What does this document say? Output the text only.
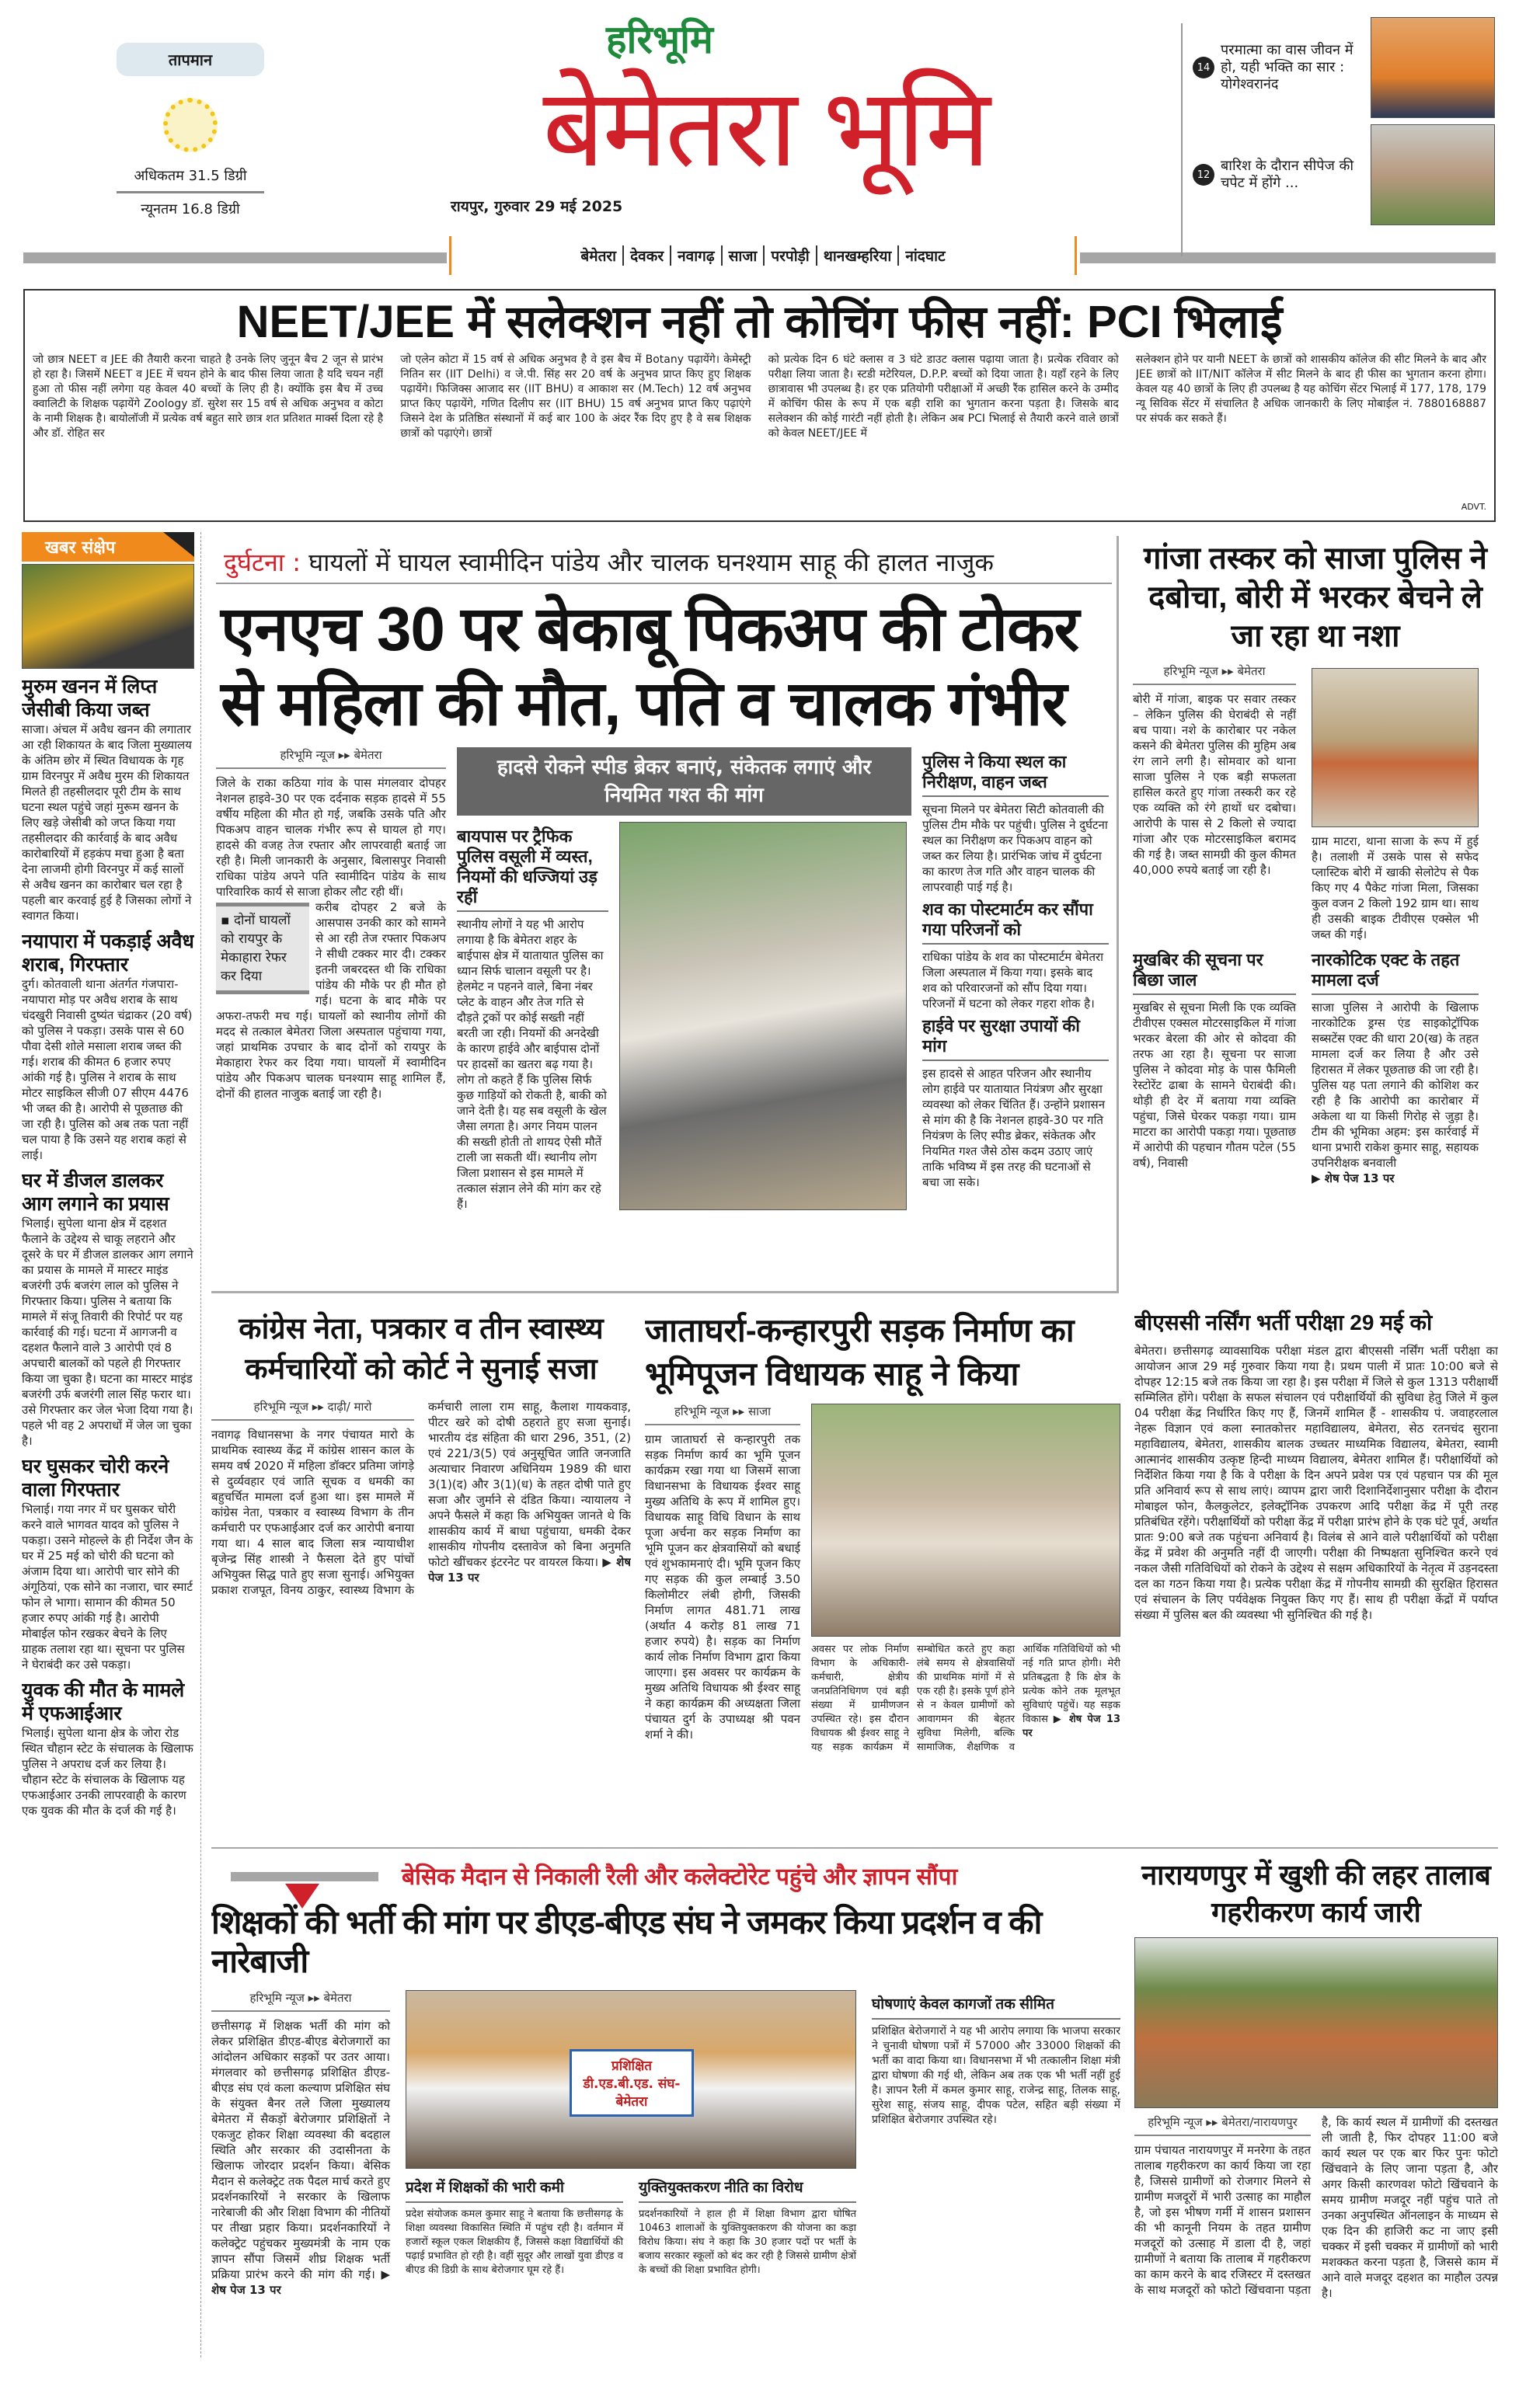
तापमान
अधिकतम 31.5 डिग्री
न्यूनतम 16.8 डिग्री
हरिभूमि
बेमेतरा भूमि
रायपुर, गुरुवार 29 मई 2025
बेमेतरा देवकर नवागढ़ साजा परपोड़ी थानखम्हरिया नांदघाट
14
परमात्मा का वास जीवन में हो, यही भक्ति का सार : योगेश्वरानंद
12
बारिश के दौरान सीपेज की चपेट में होंगे ...
NEET/JEE में सलेक्शन नहीं तो कोचिंग फीस नहीं: PCI भिलाई
जो छात्र NEET व JEE की तैयारी करना चाहते है उनके लिए जुनून बैच 2 जून से प्रारंभ हो रहा है। जिसमें NEET व JEE में चयन होने के बाद फीस लिया जाता है यदि चयन नहीं हुआ तो फीस नहीं लगेगा यह केवल 40 बच्चों के लिए ही है। क्योंकि इस बैच में उच्च क्वालिटी के शिक्षक पढ़ायेंगे Zoology डॉ. सुरेश सर 15 वर्ष से अधिक अनुभव व कोटा के नामी शिक्षक है। बायोलॉजी में प्रत्येक वर्ष बहुत सारे छात्र शत प्रतिशत मार्क्स दिला रहे है और डॉ. रोहित सर
जो एलेन कोटा में 15 वर्ष से अधिक अनुभव है वे इस बैच में Botany पढ़ायेंगे। केमेस्ट्री नितिन सर (IIT Delhi) व जे.पी. सिंह सर 20 वर्ष के अनुभव प्राप्त किए हुए शिक्षक पढ़ायेंगे। फिजिक्स आजाद सर (IIT BHU) व आकाश सर (M.Tech) 12 वर्ष अनुभव प्राप्त किए पढ़ायेंगे, गणित दिलीप सर (IIT BHU) 15 वर्ष अनुभव प्राप्त किए पढ़ाएंगे जिसने देश के प्रतिष्ठित संस्थानों में कई बार 100 के अंदर रैंक दिए हुए है वे सब शिक्षक छात्रों को पढ़ाएंगे। छात्रों
को प्रत्येक दिन 6 घंटे क्लास व 3 घंटे डाउट क्लास पढ़ाया जाता है। प्रत्येक रविवार को परीक्षा लिया जाता है। स्टडी मटेरियल, D.P.P. बच्चों को दिया जाता है। यहाँ रहने के लिए छात्रावास भी उपलब्ध है। हर एक प्रतियोगी परीक्षाओं में अच्छी रैंक हासिल करने के उम्मीद में कोचिंग फीस के रूप में एक बड़ी राशि का भुगतान करना पड़ता है। जिसके बाद सलेक्शन की कोई गारंटी नहीं होती है। लेकिन अब PCI भिलाई से तैयारी करने वाले छात्रों को केवल NEET/JEE में
सलेक्शन होने पर यानी NEET के छात्रों को शासकीय कॉलेज की सीट मिलने के बाद और JEE छात्रों को IIT/NIT कॉलेज में सीट मिलने के बाद ही फीस का भुगतान करना होगा। केवल यह 40 छात्रों के लिए ही उपलब्ध है यह कोचिंग सेंटर भिलाई में 177, 178, 179 न्यू सिविक सेंटर में संचालित है अधिक जानकारी के लिए मोबाईल नं. 7880168887 पर संपर्क कर सकते हैं।
ADVT.
खबर संक्षेप
मुरुम खनन में लिप्त जेसीबी किया जब्त
साजा। अंचल में अवैध खनन की लगातार आ रही शिकायत के बाद जिला मुख्यालय के अंतिम छोर में स्थित विधायक के गृह ग्राम विरनपुर में अवैध मुरम की शिकायत मिलते ही तहसीलदार पूरी टीम के साथ घटना स्थल पहुंचे जहां मुरूम खनन के लिए खड़े जेसीबी को जप्त किया गया तहसीलदार की कार्रवाई के बाद अवैध कारोबारियों में हड़कंप मचा हुआ है बता देना लाजमी होगी विरनपुर में कई सालों से अवैध खनन का कारोबार चल रहा है पहली बार करवाई हुई है जिसका लोगों ने स्वागत किया।
नयापारा में पकड़ाई अवैध शराब, गिरफ्तार
दुर्ग। कोतवाली थाना अंतर्गत गंजपारा-नयापारा मोड़ पर अवैध शराब के साथ चंदखुरी निवासी दुष्यंत चंद्राकर (20 वर्ष) को पुलिस ने पकड़ा। उसके पास से 60 पौवा देसी शोले मसाला शराब जब्त की गई। शराब की कीमत 6 हजार रुपए आंकी गई है। पुलिस ने शराब के साथ मोटर साइकिल सीजी 07 सीएम 4476 भी जब्त की है। आरोपी से पूछताछ की जा रही है। पुलिस को अब तक पता नहीं चल पाया है कि उसने यह शराब कहां से लाई।
घर में डीजल डालकर आग लगाने का प्रयास
भिलाई। सुपेला थाना क्षेत्र में दहशत फैलाने के उद्देश्य से चाकू लहराने और दूसरे के घर में डीजल डालकर आग लगाने का प्रयास के मामले में मास्टर माइंड बजरंगी उर्फ बजरंग लाल को पुलिस ने गिरफ्तार किया। पुलिस ने बताया कि मामले में संजू तिवारी की रिपोर्ट पर यह कार्रवाई की गई। घटना में आगजनी व दहशत फैलाने वाले 3 आरोपी एवं 8 अपचारी बालकों को पहले ही गिरफ्तार किया जा चुका है। घटना का मास्टर माइंड बजरंगी उर्फ बजरंगी लाल सिंह फरार था। उसे गिरफ्तार कर जेल भेजा दिया गया है। पहले भी वह 2 अपराधों में जेल जा चुका है।
घर घुसकर चोरी करने वाला गिरफ्तार
भिलाई। गया नगर में घर घुसकर चोरी करने वाले भागवत यादव को पुलिस ने पकड़ा। उसने मोहल्ले के ही निर्देश जैन के घर में 25 मई को चोरी की घटना को अंजाम दिया था। आरोपी चार सोने की अंगूठियां, एक सोने का नजारा, चार स्मार्ट फोन ले भागा। सामान की कीमत 50 हजार रुपए आंकी गई है। आरोपी मोबाईल फोन रखकर बेचने के लिए ग्राहक तलाश रहा था। सूचना पर पुलिस ने घेराबंदी कर उसे पकड़ा।
युवक की मौत के मामले में एफआईआर
भिलाई। सुपेला थाना क्षेत्र के जोरा रोड स्थित चौहान स्टेट के संचालक के खिलाफ पुलिस ने अपराध दर्ज कर लिया है। चौहान स्टेट के संचालक के खिलाफ यह एफआईआर उनकी लापरवाही के कारण एक युवक की मौत के दर्ज की गई है।
दुर्घटना : घायलों में घायल स्वामीदिन पांडेय और चालक घनश्याम साहू की हालत नाजुक
एनएच 30 पर बेकाबू पिकअप की टोकर
से महिला की मौत, पति व चालक गंभीर
हरिभूमि न्यूज ▸▸ बेमेतरा
जिले के राका कठिया गांव के पास मंगलवार दोपहर नेशनल हाइवे-30 पर एक दर्दनाक सड़क हादसे में 55 वर्षीय महिला की मौत हो गई, जबकि उसके पति और पिकअप वाहन चालक गंभीर रूप से घायल हो गए। हादसे की वजह तेज रफ्तार और लापरवाही बताई जा रही है। मिली जानकारी के अनुसार, बिलासपुर निवासी राधिका पांडेय अपने पति स्वामीदिन पांडेय के साथ पारिवारिक कार्य से साजा होकर लौट रही थीं।
▪ दोनों घायलों को रायपुर के मेकाहारा रेफर कर दिया
करीब दोपहर 2 बजे के आसपास उनकी कार को सामने से आ रही तेज रफ्तार पिकअप ने सीधी टक्कर मार दी। टक्कर इतनी जबरदस्त थी कि राधिका पांडेय की मौके पर ही मौत हो गई। घटना के बाद मौके पर अफरा-तफरी मच गई। घायलों को स्थानीय लोगों की मदद से तत्काल बेमेतरा जिला अस्पताल पहुंचाया गया, जहां प्राथमिक उपचार के बाद दोनों को रायपुर के मेकाहारा रेफर कर दिया गया। घायलों में स्वामीदिन पांडेय और पिकअप चालक घनश्याम साहू शामिल हैं, दोनों की हालत नाजुक बताई जा रही है।
हादसे रोकने स्पीड ब्रेकर बनाएं, संकेतक लगाएं और नियमित गश्त की मांग
बायपास पर ट्रैफिक पुलिस वसूली में व्यस्त, नियमों की धज्जियां उड़ रहीं
स्थानीय लोगों ने यह भी आरोप लगाया है कि बेमेतरा शहर के बाईपास क्षेत्र में यातायात पुलिस का ध्यान सिर्फ चालान वसूली पर है। हेलमेट न पहनने वाले, बिना नंबर प्लेट के वाहन और तेज गति से दौड़ते ट्रकों पर कोई सख्ती नहीं बरती जा रही। नियमों की अनदेखी के कारण हाईवे और बाईपास दोनों पर हादसों का खतरा बढ़ गया है। लोग तो कहते हैं कि पुलिस सिर्फ कुछ गाड़ियों को रोकती है, बाकी को जाने देती है। यह सब वसूली के खेल जैसा लगता है। अगर नियम पालन की सख्ती होती तो शायद ऐसी मौतें टाली जा सकती थीं। स्थानीय लोग जिला प्रशासन से इस मामले में तत्काल संज्ञान लेने की मांग कर रहे हैं।
पुलिस ने किया स्थल का निरीक्षण, वाहन जब्त
सूचना मिलने पर बेमेतरा सिटी कोतवाली की पुलिस टीम मौके पर पहुंची। पुलिस ने दुर्घटना स्थल का निरीक्षण कर पिकअप वाहन को जब्त कर लिया है। प्रारंभिक जांच में दुर्घटना का कारण तेज गति और वाहन चालक की लापरवाही पाई गई है।
शव का पोस्टमार्टम कर सौंपा गया परिजनों को
राधिका पांडेय के शव का पोस्टमार्टम बेमेतरा जिला अस्पताल में किया गया। इसके बाद शव को परिवारजनों को सौंप दिया गया। परिजनों में घटना को लेकर गहरा शोक है।
हाईवे पर सुरक्षा उपायों की मांग
इस हादसे से आहत परिजन और स्थानीय लोग हाईवे पर यातायात नियंत्रण और सुरक्षा व्यवस्था को लेकर चिंतित हैं। उन्होंने प्रशासन से मांग की है कि नेशनल हाइवे-30 पर गति नियंत्रण के लिए स्पीड ब्रेकर, संकेतक और नियमित गश्त जैसे ठोस कदम उठाए जाएं ताकि भविष्य में इस तरह की घटनाओं से बचा जा सके।
गांजा तस्कर को साजा पुलिस ने दबोचा, बोरी में भरकर बेचने ले जा रहा था नशा
हरिभूमि न्यूज ▸▸ बेमेतरा
बोरी में गांजा, बाइक पर सवार तस्कर – लेकिन पुलिस की घेराबंदी से नहीं बच पाया। नशे के कारोबार पर नकेल कसने की बेमेतरा पुलिस की मुहिम अब रंग लाने लगी है। सोमवार को थाना साजा पुलिस ने एक बड़ी सफलता हासिल करते हुए गांजा तस्करी कर रहे एक व्यक्ति को रंगे हाथों धर दबोचा। आरोपी के पास से 2 किलो से ज्यादा गांजा और एक मोटरसाइकिल बरामद की गई है। जब्त सामग्री की कुल कीमत 40,000 रुपये बताई जा रही है।
ग्राम माटरा, थाना साजा के रूप में हुई है। तलाशी में उसके पास से सफेद प्लास्टिक बोरी में खाकी सेलोटेप से पैक किए गए 4 पैकेट गांजा मिला, जिसका कुल वजन 2 किलो 192 ग्राम था। साथ ही उसकी बाइक टीवीएस एक्सेल भी जब्त की गई।
मुखबिर की सूचना पर बिछा जाल
मुखबिर से सूचना मिली कि एक व्यक्ति टीवीएस एक्सल मोटरसाइकिल में गांजा भरकर बेरला की ओर से कोदवा की तरफ आ रहा है। सूचना पर साजा पुलिस ने कोदवा मोड़ के पास फैमिली रेस्टोरेंट ढाबा के सामने घेराबंदी की। थोड़ी ही देर में बताया गया व्यक्ति पहुंचा, जिसे घेरकर पकड़ा गया। ग्राम माटरा का आरोपी पकड़ा गया। पूछताछ में आरोपी की पहचान गौतम पटेल (55 वर्ष), निवासी
नारकोटिक एक्ट के तहत मामला दर्ज
साजा पुलिस ने आरोपी के खिलाफ नारकोटिक ड्रग्स एंड साइकोट्रॉपिक सब्सटेंस एक्ट की धारा 20(ख) के तहत मामला दर्ज कर लिया है और उसे हिरासत में लेकर पूछताछ की जा रही है। पुलिस यह पता लगाने की कोशिश कर रही है कि आरोपी का कारोबार में अकेला था या किसी गिरोह से जुड़ा है। टीम की भूमिका अहम: इस कार्रवाई में थाना प्रभारी राकेश कुमार साहू, सहायक उपनिरीक्षक बनवाली
▶ शेष पेज 13 पर
कांग्रेस नेता, पत्रकार व तीन स्वास्थ्य कर्मचारियों को कोर्ट ने सुनाई सजा
हरिभूमि न्यूज ▸▸ दाढ़ी/ मारो
नवागढ़ विधानसभा के नगर पंचायत मारो के प्राथमिक स्वास्थ्य केंद्र में कांग्रेस शासन काल के समय वर्ष 2020 में महिला डॉक्टर प्रतिमा जांगड़े से दुर्व्यवहार एवं जाति सूचक व धमकी का बहुचर्चित मामला दर्ज हुआ था। इस मामले में कांग्रेस नेता, पत्रकार व स्वास्थ्य विभाग के तीन कर्मचारी पर एफआईआर दर्ज कर आरोपी बनाया गया था। 4 साल बाद जिला सत्र न्यायाधीश बृजेन्द्र सिंह शास्त्री ने फैसला देते हुए पांचों अभियुक्त सिद्ध पाते हुए सजा सुनाई। अभियुक्त प्रकाश राजपूत, विनय ठाकुर, स्वास्थ्य विभाग के कर्मचारी लाला राम साहू, कैलाश गायकवाड़, पीटर खरे को दोषी ठहराते हुए सजा सुनाई। भारतीय दंड संहिता की धारा 296, 351, (2) एवं 221/3(5) एवं अनुसूचित जाति जनजाति अत्याचार निवारण अधिनियम 1989 की धारा 3(1)(द) और 3(1)(ध) के तहत दोषी पाते हुए सजा और जुर्माने से दंडित किया। न्यायालय ने अपने फैसले में कहा कि अभियुक्त जानते थे कि शासकीय कार्य में बाधा पहुंचाया, धमकी देकर शासकीय गोपनीय दस्तावेज को बिना अनुमति फोटो खींचकर इंटरनेट पर वायरल किया। ▶ शेष पेज 13 पर
जाताघर्रा-कन्हारपुरी सड़क निर्माण का भूमिपूजन विधायक साहू ने किया
हरिभूमि न्यूज ▸▸ साजा
ग्राम जाताघर्रा से कन्हारपुरी तक सड़क निर्माण कार्य का भूमि पूजन कार्यक्रम रखा गया था जिसमें साजा विधानसभा के विधायक ईश्वर साहू मुख्य अतिथि के रूप में शामिल हुए। विधायक साहू विधि विधान के साथ पूजा अर्चना कर सड़क निर्माण का भूमि पूजन कर क्षेत्रवासियों को बधाई एवं शुभकामनाएं दी। भूमि पूजन किए गए सड़क की कुल लम्बाई 3.50 किलोमीटर लंबी होगी, जिसकी निर्माण लागत 481.71 लाख (अर्थात 4 करोड़ 81 लाख 71 हजार रुपये) है। सड़क का निर्माण कार्य लोक निर्माण विभाग द्वारा किया जाएगा। इस अवसर पर कार्यक्रम के मुख्य अतिथि विधायक श्री ईश्वर साहू ने कहा कार्यक्रम की अध्यक्षता जिला पंचायत दुर्ग के उपाध्यक्ष श्री पवन शर्मा ने की।
अवसर पर लोक निर्माण विभाग के अधिकारी-कर्मचारी, क्षेत्रीय जनप्रतिनिधिगण एवं बड़ी संख्या में ग्रामीणजन उपस्थित रहे। इस दौरान विधायक श्री ईश्वर साहू ने यह सड़क कार्यक्रम में सम्बोधित करते हुए कहा लंबे समय से क्षेत्रवासियों की प्राथमिक मांगों में से एक रही है। इसके पूर्ण होने से न केवल ग्रामीणों को आवागमन की बेहतर सुविधा मिलेगी, बल्कि सामाजिक, शैक्षणिक व आर्थिक गतिविधियों को भी नई गति प्राप्त होगी। मेरी प्रतिबद्धता है कि क्षेत्र के प्रत्येक कोने तक मूलभूत सुविधाएं पहुंचें। यह सड़क विकास ▶ शेष पेज 13 पर
बीएससी नर्सिंग भर्ती परीक्षा 29 मई को
बेमेतरा। छत्तीसगढ़ व्यावसायिक परीक्षा मंडल द्वारा बीएससी नर्सिंग भर्ती परीक्षा का आयोजन आज 29 मई गुरुवार किया गया है। प्रथम पाली में प्रातः 10:00 बजे से दोपहर 12:15 बजे तक किया जा रहा है। इस परीक्षा में जिले से कुल 1313 परीक्षार्थी सम्मिलित होंगे। परीक्षा के सफल संचालन एवं परीक्षार्थियों की सुविधा हेतु जिले में कुल 04 परीक्षा केंद्र निर्धारित किए गए हैं, जिनमें शामिल हैं - शासकीय पं. जवाहरलाल नेहरू विज्ञान एवं कला स्नातकोत्तर महाविद्यालय, बेमेतरा, सेठ रतनचंद सुराना महाविद्यालय, बेमेतरा, शासकीय बालक उच्चतर माध्यमिक विद्यालय, बेमेतरा, स्वामी आत्मानंद शासकीय उत्कृष्ट हिन्दी माध्यम विद्यालय, बेमेतरा शामिल हैं। परीक्षार्थियों को निर्देशित किया गया है कि वे परीक्षा के दिन अपने प्रवेश पत्र एवं पहचान पत्र की मूल प्रति अनिवार्य रूप से साथ लाएं। व्यापम द्वारा जारी दिशानिर्देशानुसार परीक्षा के दौरान मोबाइल फोन, कैलकुलेटर, इलेक्ट्रॉनिक उपकरण आदि परीक्षा केंद्र में पूरी तरह प्रतिबंधित रहेंगे। परीक्षार्थियों को परीक्षा केंद्र में परीक्षा प्रारंभ होने के एक घंटे पूर्व, अर्थात प्रातः 9:00 बजे तक पहुंचना अनिवार्य है। विलंब से आने वाले परीक्षार्थियों को परीक्षा केंद्र में प्रवेश की अनुमति नहीं दी जाएगी। परीक्षा की निष्पक्षता सुनिश्चित करने एवं नकल जैसी गतिविधियों को रोकने के उद्देश्य से सक्षम अधिकारियों के नेतृत्व में उड़नदस्ता दल का गठन किया गया है। प्रत्येक परीक्षा केंद्र में गोपनीय सामग्री की सुरक्षित हिरासत एवं संचालन के लिए पर्यवेक्षक नियुक्त किए गए हैं। साथ ही परीक्षा केंद्रों में पर्याप्त संख्या में पुलिस बल की व्यवस्था भी सुनिश्चित की गई है।
बेसिक मैदान से निकाली रैली और कलेक्टोरेट पहुंचे और ज्ञापन सौंपा
शिक्षकों की भर्ती की मांग पर डीएड-बीएड संघ ने जमकर किया प्रदर्शन व की नारेबाजी
हरिभूमि न्यूज ▸▸ बेमेतरा
छत्तीसगढ़ में शिक्षक भर्ती की मांग को लेकर प्रशिक्षित डीएड-बीएड बेरोजगारों का आंदोलन अधिकार सड़कों पर उतर आया। मंगलवार को छत्तीसगढ़ प्रशिक्षित डीएड-बीएड संघ एवं कला कल्याण प्रशिक्षित संघ के संयुक्त बैनर तले जिला मुख्यालय बेमेतरा में सैकड़ों बेरोजगार प्रशिक्षितों ने एकजुट होकर शिक्षा व्यवस्था की बदहाल स्थिति और सरकार की उदासीनता के खिलाफ जोरदार प्रदर्शन किया। बेसिक मैदान से कलेक्ट्रेट तक पैदल मार्च करते हुए प्रदर्शनकारियों ने सरकार के खिलाफ नारेबाजी की और शिक्षा विभाग की नीतियों पर तीखा प्रहार किया। प्रदर्शनकारियों ने कलेक्ट्रेट पहुंचकर मुख्यमंत्री के नाम एक ज्ञापन सौंपा जिसमें शीघ्र शिक्षक भर्ती प्रक्रिया प्रारंभ करने की मांग की गई। ▶ शेष पेज 13 पर
प्रशिक्षित डी.एड.बी.एड. संघ-बेमेतरा
प्रदेश में शिक्षकों की भारी कमी
प्रदेश संयोजक कमल कुमार साहू ने बताया कि छत्तीसगढ़ के शिक्षा व्यवस्था विकासित स्थिति में पहुंच रही है। वर्तमान में हजारों स्कूल एकल शिक्षकीय हैं, जिससे कक्षा विद्यार्थियों की पढ़ाई प्रभावित हो रही है। वहीं सुदूर और लाखों युवा डीएड व बीएड की डिग्री के साथ बेरोजगार घूम रहे हैं।
युक्तियुक्तकरण नीति का विरोध
प्रदर्शनकारियों ने हाल ही में शिक्षा विभाग द्वारा घोषित 10463 शालाओं के युक्तियुक्तकरण की योजना का कड़ा विरोध किया। संघ ने कहा कि 30 हजार पदों पर भर्ती के बजाय सरकार स्कूलों को बंद कर रही है जिससे ग्रामीण क्षेत्रों के बच्चों की शिक्षा प्रभावित होगी।
घोषणाएं केवल कागजों तक सीमित
प्रशिक्षित बेरोजगारों ने यह भी आरोप लगाया कि भाजपा सरकार ने चुनावी घोषणा पत्रों में 57000 और 33000 शिक्षकों की भर्ती का वादा किया था। विधानसभा में भी तत्कालीन शिक्षा मंत्री द्वारा घोषणा की गई थी, लेकिन अब तक एक भी भर्ती नहीं हुई है। ज्ञापन रैली में कमल कुमार साहू, राजेन्द्र साहू, तिलक साहू, सुरेश साहू, संजय साहू, दीपक पटेल, सहित बड़ी संख्या में प्रशिक्षित बेरोजगार उपस्थित रहे।
नारायणपुर में खुशी की लहर तालाब गहरीकरण कार्य जारी
हरिभूमि न्यूज ▸▸ बेमेतरा/नारायणपुर
ग्राम पंचायत नारायणपुर में मनरेगा के तहत तालाब गहरीकरण का कार्य किया जा रहा है, जिससे ग्रामीणों को रोजगार मिलने से ग्रामीण मजदूरों में भारी उत्साह का माहौल है, जो इस भीषण गर्मी में शासन प्रशासन की भी कानूनी नियम के तहत ग्रामीण मजदूरों को उत्साह में डाला दी है, जहां ग्रामीणों ने बताया कि तालाब में गहरीकरण का काम करने के बाद रजिस्टर में दस्तखत के साथ मजदूरों को फोटो खिंचवाना पड़ता है, कि कार्य स्थल में ग्रामीणों की दस्तखत ली जाती है, फिर दोपहर 11:00 बजे कार्य स्थल पर एक बार फिर पुनः फोटो खिंचवाने के लिए जाना पड़ता है, और अगर किसी कारणवश फोटो खिंचवाने के समय ग्रामीण मजदूर नहीं पहुंच पाते तो उनका अनुपस्थित ऑनलाइन के माध्यम से एक दिन की हाजिरी कट ना जाए इसी चक्कर में इसी चक्कर में ग्रामीणों को भारी मशक्कत करना पड़ता है, जिससे काम में आने वाले मजदूर दहशत का माहौल उत्पन्न है।
